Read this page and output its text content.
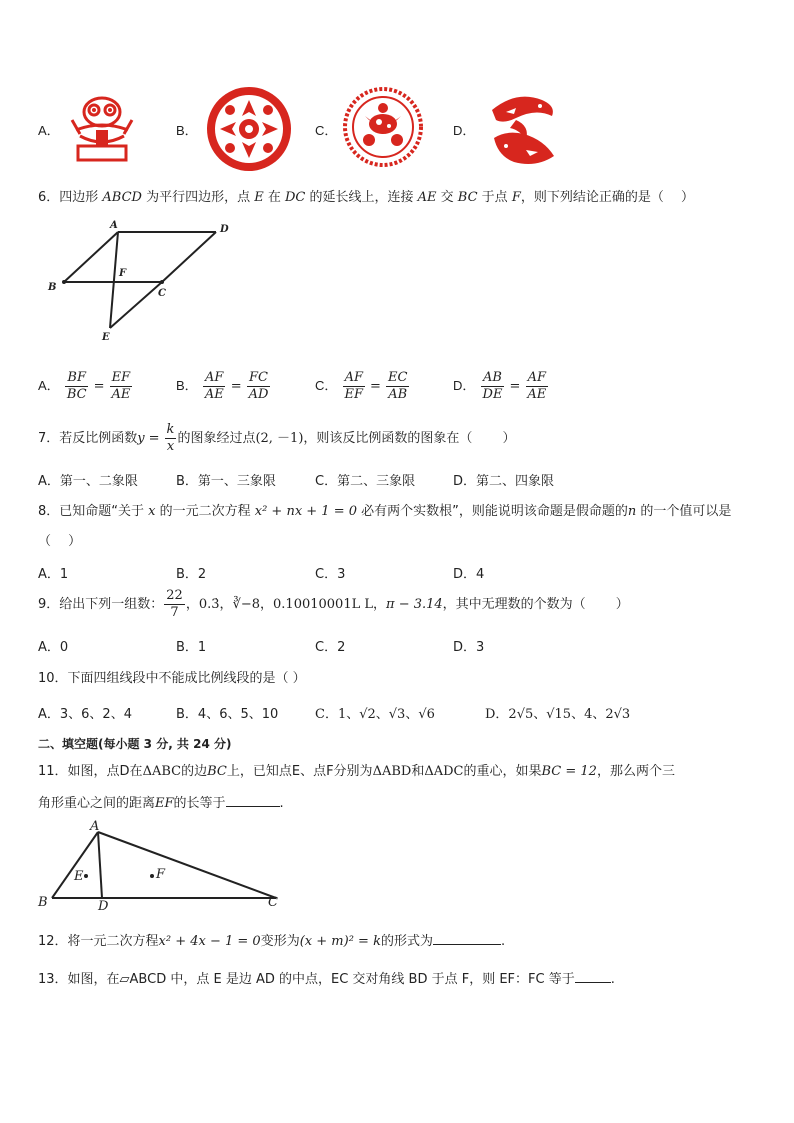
A．	B．	C．	D．
6．四边形 ABCD 为平行四边形，点 E 在 DC 的延长线上，连接 AE 交 BC 于点 F，则下列结论正确的是（　 ）
A	D
B
C
F
E
A． $\frac{BF}{BC} = \frac{EF}{AE}$	B． $\frac{AF}{AE} = \frac{FC}{AD}$	C． $\frac{AF}{EF} = \frac{EC}{AB}$	D． $\frac{AB}{DE} = \frac{AF}{AE}$
7．若反比例函数$y = \frac{k}{x}$ 的图象经过点(2, －1)，则该反比例函数的图象在（　　 ）
A．第一、二象限	B．第一、三象限	C．第二、三象限	D．第二、四象限
8．已知命题“关于 x 的一元二次方程 x² + nx + 1 = 0 必有两个实数根”，则能说明该命题是假命题的n 的一个值可以是
（　 ）
A．1	B．2	C．3	D．4
9．给出下列一组数： $\frac{22}{7}$ ，0.3̇，∛−8，0.10010001L L，π − 3.14，其中无理数的个数为（　　 ）
A．0	B．1	C．2	D．3
10．下面四组线段中不能成比例线段的是（ ）
A．3、6、2、4	B．4、6、5、10	C．1、√2、√3、√6	D．2√5、√15、4、2√3
二、填空题(每小题 3 分, 共 24 分)
11．如图，点D在ΔABC的边BC上，已知点E、点F分别为ΔABD和ΔADC的重心，如果BC = 12，那么两个三
角形重心之间的距离EF的长等于	.
A
B	C
D
E	F
12．将一元二次方程x² + 4x − 1 = 0变形为(x + m)² = k的形式为	.
13．如图，在▱ABCD 中，点 E 是边 AD 的中点，EC 交对角线 BD 于点 F，则 EF：FC 等于	.
